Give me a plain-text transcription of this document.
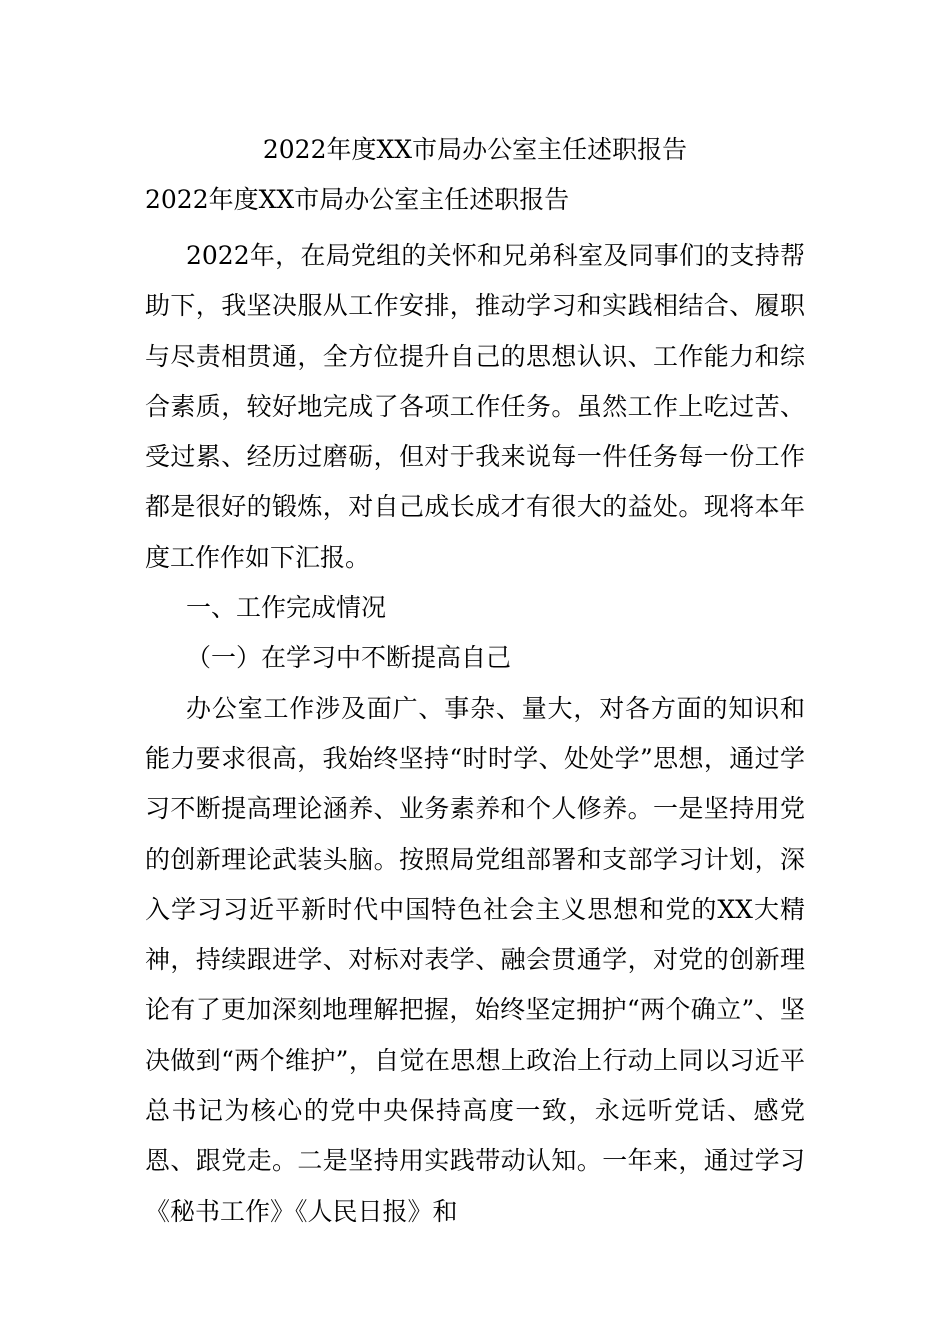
2022年度XX市局办公室主任述职报告
2022年度XX市局办公室主任述职报告

2022年，在局党组的关怀和兄弟科室及同事们的支持帮助下，我坚决服从工作安排，推动学习和实践相结合、履职与尽责相贯通，全方位提升自己的思想认识、工作能力和综合素质，较好地完成了各项工作任务。虽然工作上吃过苦、受过累、经历过磨砺，但对于我来说每一件任务每一份工作都是很好的锻炼，对自己成长成才有很大的益处。现将本年度工作作如下汇报。

一、工作完成情况

（一）在学习中不断提高自己

办公室工作涉及面广、事杂、量大，对各方面的知识和能力要求很高，我始终坚持“时时学、处处学”思想，通过学习不断提高理论涵养、业务素养和个人修养。一是坚持用党的创新理论武装头脑。按照局党组部署和支部学习计划，深入学习习近平新时代中国特色社会主义思想和党的XX大精神，持续跟进学、对标对表学、融会贯通学，对党的创新理论有了更加深刻地理解把握，始终坚定拥护“两个确立”、坚决做到“两个维护”，自觉在思想上政治上行动上同以习近平总书记为核心的党中央保持高度一致，永远听党话、感党恩、跟党走。二是坚持用实践带动认知。一年来，通过学习《秘书工作》《人民日报》和
